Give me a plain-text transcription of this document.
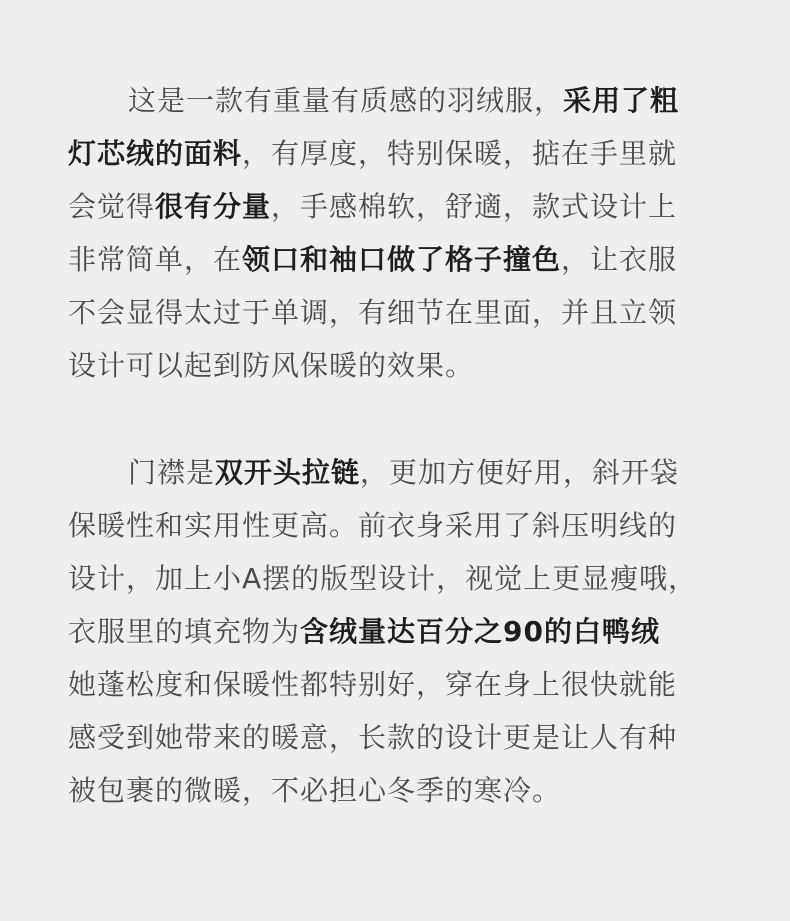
这是一款有重量有质感的羽绒服，采用了粗
灯芯绒的面料，有厚度，特别保暖，掂在手里就
会觉得很有分量，手感棉软，舒適，款式设计上
非常简单，在领口和袖口做了格子撞色，让衣服
不会显得太过于单调，有细节在里面，并且立领
设计可以起到防风保暖的效果。
门襟是双开头拉链，更加方便好用，斜开袋
保暖性和实用性更高。前衣身采用了斜压明线的
设计，加上小A摆的版型设计，视觉上更显瘦哦，
衣服里的填充物为含绒量达百分之90的白鸭绒
她蓬松度和保暖性都特别好，穿在身上很快就能
感受到她带来的暖意，长款的设计更是让人有种
被包裹的微暖，不必担心冬季的寒冷。
